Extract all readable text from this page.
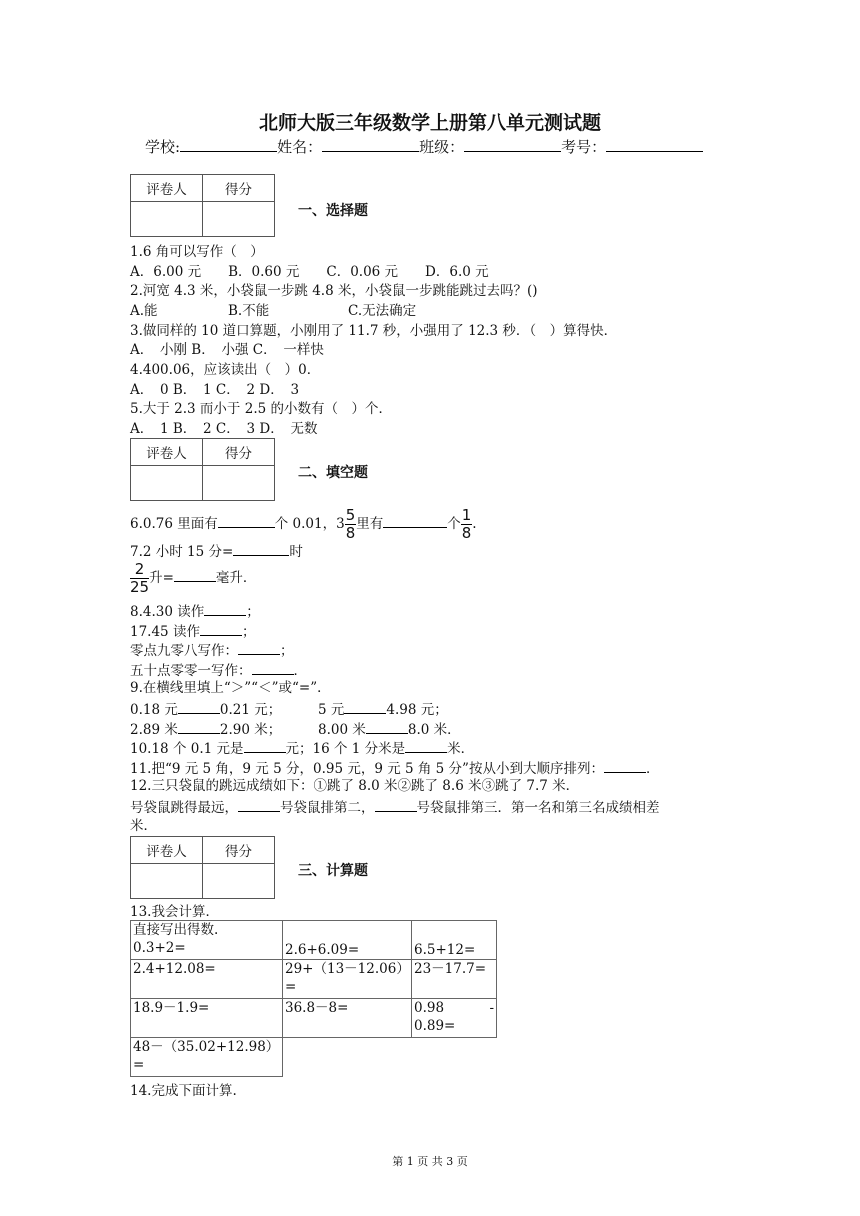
北师大版三年级数学上册第八单元测试题
学校:	姓名：	班级：	考号：
评卷人	得分

一、选择题
1.6 角可以写作（　）
A．6.00 元　　B．0.60 元　　C．0.06 元　　D．6.0 元
2.河宽 4.3 米，小袋鼠一步跳 4.8 米，小袋鼠一步跳能跳过去吗？()
A.能	B.不能	C.无法确定
3.做同样的 10 道口算题，小刚用了 11.7 秒，小强用了 12.3 秒．（　）算得快．
A．　小刚 B．　小强 C．　一样快
4.400.06，应该读出（　）0．
A．　0 B．　1 C．　2 D．　3
5.大于 2.3 而小于 2.5 的小数有（　）个．
A．　1 B．　2 C．　3 D．　无数
评卷人	得分

二、填空题
6.0.76 里面有	个 0.01，$3 \frac{5}{8}$ 里有	个 $\frac{1}{8}$ .
7.2 小时 15 分=	时
$\frac{2}{25}$ 升=	毫升．
8.4.30 读作	；
17.45 读作	；
零点九零八写作：	；
五十点零零一写作：	．
9.在横线里填上“＞”“＜”或“=”．
0.18 元	0.21 元；	5 元	4.98 元；
2.89 米	2.90 米；	8.00 米	8.0 米．
10.18 个 0.1 元是	元；16 个 1 分米是	米．
11.把“9 元 5 角，9 元 5 分，0.95 元，9 元 5 角 5 分”按从小到大顺序排列：	．
12.三只袋鼠的跳远成绩如下：①跳了 8.0 米②跳了 8.6 米③跳了 7.7 米．
号袋鼠跳得最远，	号袋鼠排第二，	号袋鼠排第三．第一名和第三名成绩相差
米．
评卷人	得分

三、计算题
13.我会计算．
直接写出得数.
0.3+2=	2.6+6.09=	6.5+12=

2.4+12.08=	29+（13－12.06）
=	23－17.7=

18.9－1.9=	36.8－8=	0.98 -
0.89=

48－（35.02+12.98）
=		

14.完成下面计算.
第 1 页 共 3 页
